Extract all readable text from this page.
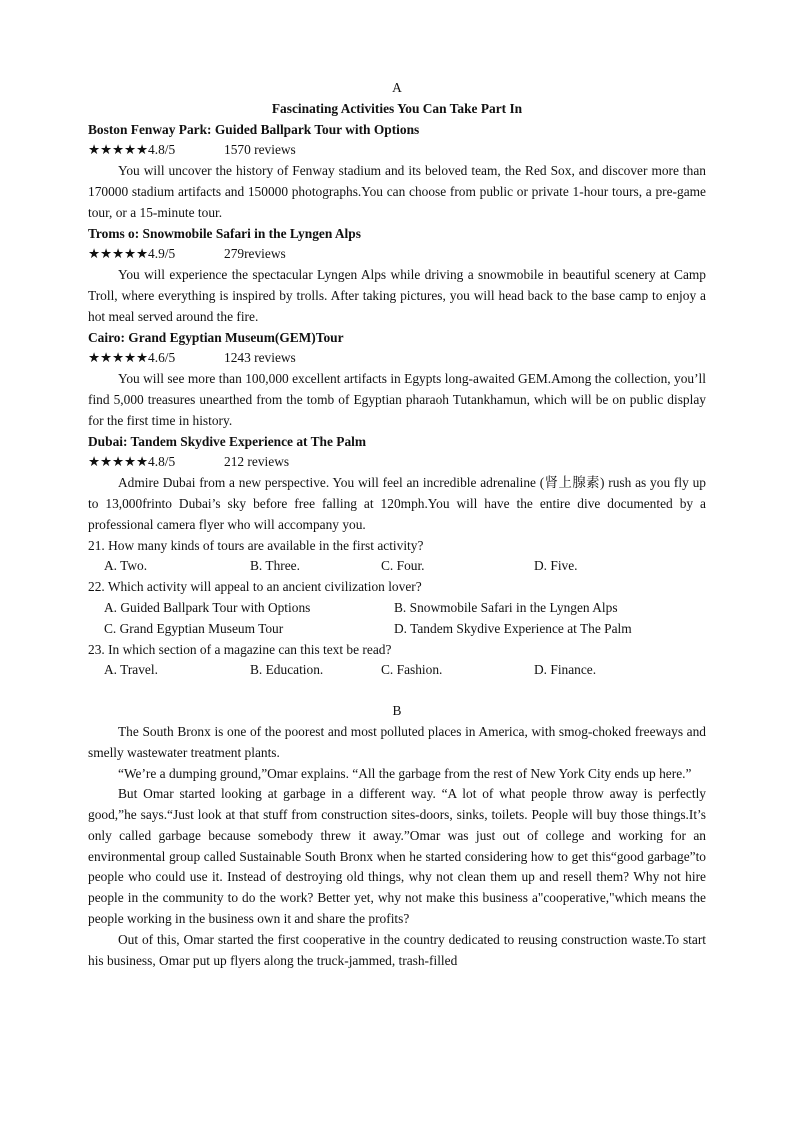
A
Fascinating Activities You Can Take Part In
Boston Fenway Park: Guided Ballpark Tour with Options
★★★★★4.8/5	1570 reviews
You will uncover the history of Fenway stadium and its beloved team, the Red Sox, and discover more than 170000 stadium artifacts and 150000 photographs.You can choose from public or private 1-hour tours, a pre-game tour, or a 15-minute tour.
Troms o: Snowmobile Safari in the Lyngen Alps
★★★★★4.9/5	279reviews
You will experience the spectacular Lyngen Alps while driving a snowmobile in beautiful scenery at Camp Troll, where everything is inspired by trolls. After taking pictures, you will head back to the base camp to enjoy a hot meal served around the fire.
Cairo: Grand Egyptian Museum(GEM)Tour
★★★★★4.6/5	1243 reviews
You will see more than 100,000 excellent artifacts in Egypts long-awaited GEM.Among the collection, you’ll find 5,000 treasures unearthed from the tomb of Egyptian pharaoh Tutankhamun, which will be on public display for the first time in history.
Dubai: Tandem Skydive Experience at The Palm
★★★★★4.8/5	212 reviews
Admire Dubai from a new perspective. You will feel an incredible adrenaline (肾上腺素) rush as you fly up to 13,000frinto Dubai’s sky before free falling at 120mph.You will have the entire dive documented by a professional camera flyer who will accompany you.
21. How many kinds of tours are available in the first activity?
A. Two.	B. Three.	C. Four.	D. Five.
22. Which activity will appeal to an ancient civilization lover?
A. Guided Ballpark Tour with Options	B. Snowmobile Safari in the Lyngen Alps
C. Grand Egyptian Museum Tour	D. Tandem Skydive Experience at The Palm
23. In which section of a magazine can this text be read?
A. Travel.	B. Education.	C. Fashion.	D. Finance.
B
The South Bronx is one of the poorest and most polluted places in America, with smog-choked freeways and smelly wastewater treatment plants.
“We’re a dumping ground,”Omar explains. “All the garbage from the rest of New York City ends up here.”
But Omar started looking at garbage in a different way. “A lot of what people throw away is perfectly good,”he says.“Just look at that stuff from construction sites-doors, sinks, toilets. People will buy those things.It’s only called garbage because somebody threw it away.”Omar was just out of college and working for an environmental group called Sustainable South Bronx when he started considering how to get this“good garbage”to people who could use it. Instead of destroying old things, why not clean them up and resell them? Why not hire people in the community to do the work? Better yet, why not make this business a"cooperative,"which means the people working in the business own it and share the profits?
Out of this, Omar started the first cooperative in the country dedicated to reusing construction waste.To start his business, Omar put up flyers along the truck-jammed, trash-filled
